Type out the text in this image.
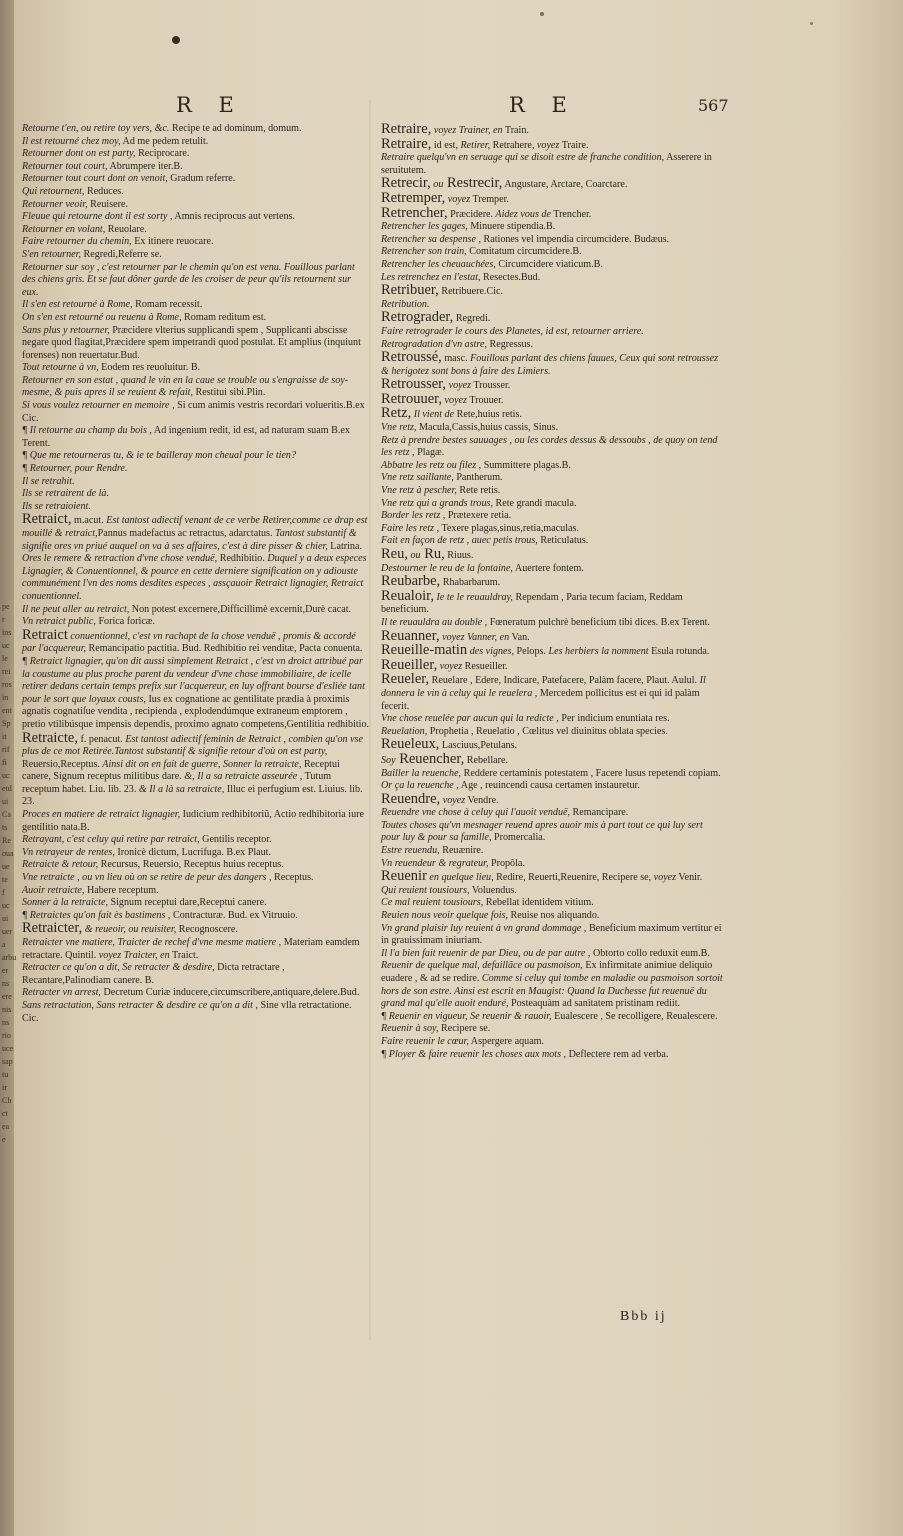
pe
r
ins
uc
le
rei
ros
in
ent
Sp
it
rif
fi
uc
etd
ui
Ca
ts
Re
oua
ue
te
f
uc
ui
uer
a
arbu
er
ns
ere
nis
ns
rio
uce
sap
tu
ir
Ch
ct
ea
e
R E	R E	567

Retourne t'en, ou retire toy vers, &c. Recipe te ad dominum, domum.

Il est retourné chez moy, Ad me pedem retulit.

Retourner dont on est party, Reciprocare.

Retourner tout court, Abrumpere iter.B.

Retourner tout court dont on venoit, Gradum referre.

Qui retournent, Reduces.

Retourner veoir, Reuisere.

Fleuue qui retourne dont il est sorty , Amnis reciprocus aut vertens.

Retourner en volant, Reuolare.

Faire retourner du chemin, Ex itinere reuocare.

S'en retourner, Regredi,Referre se.

Retourner sur soy , c'est retourner par le chemin qu'on est venu. Fouillous parlant des chiens gris. Et se faut dôner garde de les croiser de peur qu'ils retournent sur eux.

Il s'en est retourné à Rome, Romam recessit.

On s'en est retourné ou reuenu à Rome, Romam reditum est.

Sans plus y retourner, Præcidere vlterius supplicandi spem , Supplicanti abscisse negare quod flagitat,Præcidere spem impetrandi quod postulat. Et amplius (inquiunt forenses) non reuertatur.Bud.

Tout retourne à vn, Eodem res reuoluitur. B.

Retourner en son estat , quand le vin en la caue se trouble ou s'engraisse de soy-mesme, & puis apres il se reuient & refait, Restitui sibi.Plin.

Si vous voulez retourner en memoire , Si cum animis vestris recordari volueritis.B.ex Cic.

¶ Il retourne au champ du bois , Ad ingenium redit, id est, ad naturam suam B.ex Terent.

¶ Que me retourneras tu, & ie te bailleray mon cheual pour le tien?

¶ Retourner, pour Rendre.

Il se retrahit.

Ils se retrairent de là.

Ils se retraioient.

Retraict, m.acut. Est tantost adiectif venant de ce verbe Retirer,comme ce drap est mouillé & retraict,Pannus madefactus ac retractus, adarctatus. Tantost substantif & signifie ores vn priué auquel on va à ses affaires, c'est à dire pisser & chier, Latrina. Ores le remere & retraction d'vne chose venduë, Redhibitio. Duquel y a deux especes Lignagier, & Conuentionnel, & pource en cette derniere signification on y adiouste communément l'vn des noms desdites especes , assçauoir Retraict lignagier, Retraict conuentionnel.

Il ne peut aller au retraict, Non potest excernere,Difficillimè excernit,Durè cacat.

Vn retraict public, Forica foricæ.

Retraict conuentionnel, c'est vn rachapt de la chose venduë , promis & accordé par l'acquereur, Remancipatio pactitia. Bud. Redhibitio rei venditæ, Pacta conuenta.

¶ Retraict lignagier, qu'on dit aussi simplement Retraict , c'est vn droict attribué par la coustume au plus proche parent du vendeur d'vne chose immobiliaire, de icelle retirer dedans certain temps prefix sur l'acquereur, en luy offrant bourse d'esliée tant pour le sort que loyaux cousts, Ius ex cognatione ac gentilitate prædia à proximis agnatis cognatiſue vendita , recipienda , explodendúmque extraneum emptorem , pretio vtilibúsque impensis dependis, proximo agnato competens,Gentilitia redhibitio.

Retraicte, f. penacut. Est tantost adiectif feminin de Retraict , combien qu'on vse plus de ce mot Retirée.Tantost substantif & signifie retour d'où on est party, Reuersio,Receptus. Ainsi dit on en fait de guerre, Sonner la retraicte, Receptui canere, Signum receptus militibus dare. &, Il a sa retraicte asseurée , Tutum receptum habet. Liu. lib. 23. & Il a là sa retraicte, Illuc ei perfugium est. Liuius. lib. 23.

Proces en matiere de retraict lignagier, Iudicium redhibitoriũ, Actio redhibitoria iure gentilitio nata.B.

Retrayant, c'est celuy qui retire par retraict, Gentilis receptor.

Vn retrayeur de rentes, Ironicè dictum, Lucrifuga. B.ex Plaut.

Retraicte & retour, Recursus, Reuersio, Receptus huius receptus.

Vne retraicte , ou vn lieu où on se retire de peur des dangers , Receptus.

Auoir retraicte, Habere receptum.

Sonner à la retraicte, Signum receptui dare,Receptui canere.

¶ Retraictes qu'on fait ès bastimens , Contracturæ. Bud. ex Vitruuio.

Retraicter, & reueoir, ou reuisiter, Recognoscere.

Retraicter vne matiere, Traicter de rechef d'vne mesme matiere , Materiam eamdem retractare. Quintil. voyez Traicter, en Traict.

Retracter ce qu'on a dit, Se retracter & desdire, Dicta retractare , Recantare,Palinodiam canere. B.

Retracter vn arrest, Decretum Curiæ inducere,circumscribere,antiquare,delere.Bud.

Sans retractation, Sans retracter & desdire ce qu'on a dit , Sine vlla retractatione. Cic.

Retraire, voyez Trainer, en Train.

Retraire, id est, Retirer, Retrahere, voyez Traire.

Retraire quelqu'vn en seruage qui se disoit estre de franche condition, Asserere in seruitutem.

Retrecir, ou Restrecir, Angustare, Arctare, Coarctare.

Retremper, voyez Tremper.

Retrencher, Præcidere. Aidez vous de Trencher.

Retrencher les gages, Minuere stipendia.B.

Retrencher sa despense , Rationes vel impendia circumcidere. Budæus.

Retrencher son train, Comitatum circumcidere.B.

Retrencher les cheuauchées, Circumcidere viaticum.B.

Les retrenchez en l'estat, Resectes.Bud.

Retribuer, Retribuere.Cic.

Retribution.

Retrograder, Regredi.

Faire retrograder le cours des Planetes, id est, retourner arriere.

Retrogradation d'vn astre, Regressus.

Retroussé, masc. Fouillous parlant des chiens fauues, Ceux qui sont retroussez & herigotez sont bons à faire des Limiers.

Retrousser, voyez Trousser.

Retrouuer, voyez Trouuer.

Retz, Il vient de Rete,huius retis.

Vne retz, Macula,Cassis,huius cassis, Sinus.

Retz à prendre bestes sauuages , ou les cordes dessus & dessoubs , de quoy on tend les retz , Plagæ.

Abbatre les retz ou filez , Summittere plagas.B.

Vne retz saillante, Pantherum.

Vne retz à pescher, Rete retis.

Vne retz qui a grands trous, Rete grandi macula.

Border les retz , Prætexere retia.

Faire les retz , Texere plagas,sinus,retia,maculas.

Fait en façon de retz , auec petis trous, Reticulatus.

Reu, ou Ru, Riuus.

Destourner le reu de la fontaine, Auertere fontem.

Reubarbe, Rhabarbarum.

Reualoir, Ie te le reuauldray, Rependam , Paria tecum faciam, Reddam beneficium.

Il te reuauldra au double , Fœneratum pulchrè beneficium tibi dices. B.ex Terent.

Reuanner, voyez Vanner, en Van.

Reueille-matin des vignes, Pelops. Les herbiers la nomment Esula rotunda.

Reueiller, voyez Resueiller.

Reueler, Reuelare , Edere, Indicare, Patefacere, Palàm facere, Plaut. Aulul. Il donnera le vin à celuy qui le reuelera , Mercedem pollicitus est ei qui id palàm fecerit.

Vne chose reuelée par aucun qui la redicte , Per indicium enuntiata res.

Reuelation, Prophetia , Reuelatio , Cœlitus vel diuinitus oblata species.

Reueleux, Lasciuus,Petulans.

Soy Reuencher, Rebellare.

Bailler la reuenche, Reddere certaminis potestatem , Facere lusus repetendi copiam.

Or ça la reuenche , Age , reuincendi causa certamen instauretur.

Reuendre, voyez Vendre.

Reuendre vne chose à celuy qui l'auoit venduë, Remancipare.

Toutes choses qu'vn mesnager reuend apres auoir mis à part tout ce qui luy sert pour luy & pour sa famille, Promercalia.

Estre reuendu, Reuænire.

Vn reuendeur & regrateur, Propôla.

Reuenir en quelque lieu, Redire, Reuerti,Reuenire, Recipere se, voyez Venir.

Qui reuient tousiours, Voluendus.

Ce mal reuient tousiours, Rebellat identidem vitium.

Reuien nous veoir quelque fois, Reuise nos aliquando.

Vn grand plaisir luy reuient à vn grand dommage , Beneficium maximum vertitur ei in grauissimam iniuriam.

Il l'a bien fait reuenir de par Dieu, ou de par autre , Obtorto collo reduxit eum.B.

Reuenir de quelque mal, defaillãce ou pasmoison, Ex infirmitate animiue deliquio euadere , & ad se redire. Comme si celuy qui tombe en maladie ou pasmoison sortoit hors de son estre. Ainsi est escrit en Maugist: Quand la Duchesse fut reuenuë du grand mal qu'elle auoit enduré, Posteaquàm ad sanitatem pristinam rediit.

¶ Reuenir en vigueur, Se reuenir & rauoir, Eualescere , Se recolligere, Reualescere.

Reuenir à soy, Recipere se.

Faire reuenir le cœur, Aspergere aquam.

¶ Ployer & faire reuenir les choses aux mots , Deflectere rem ad verba.

Bbb ij
